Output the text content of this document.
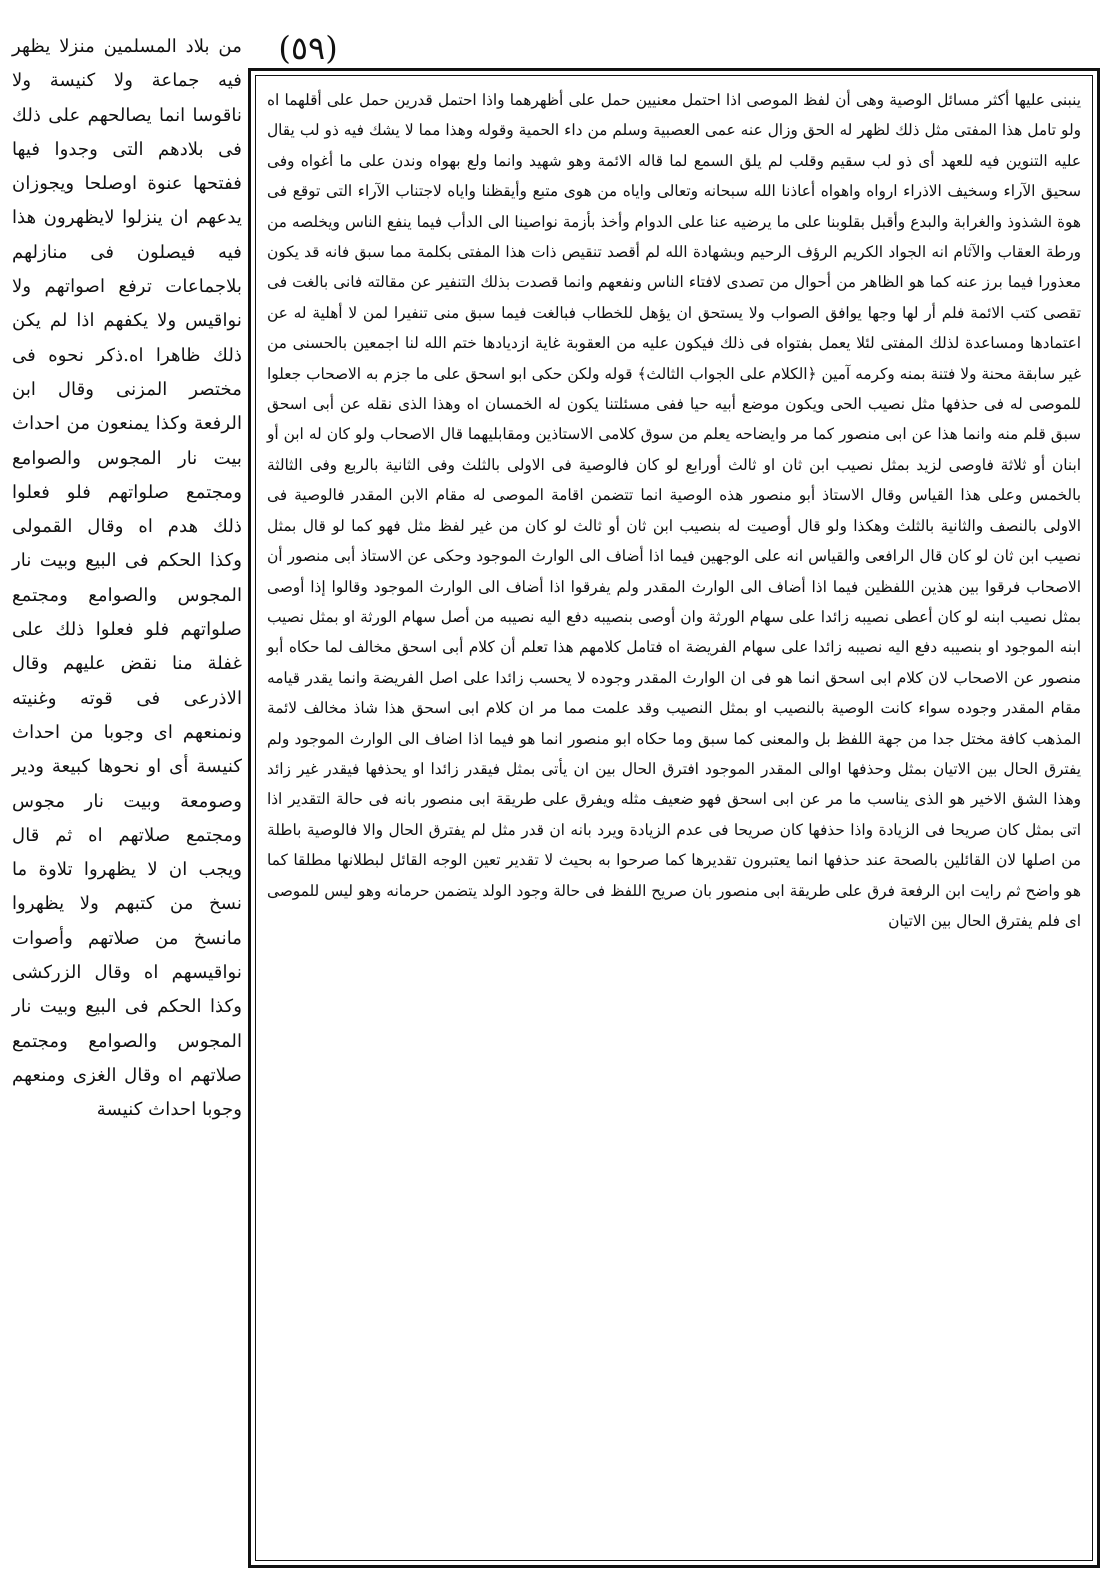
(٥٩)

من بلاد المسلمين منزلا يظهر فيه جماعة ولا كنيسة ولا ناقوسا انما يصالحهم على ذلك فى بلادهم التى وجدوا فيها ففتحها عنوة اوصلحا ويجوزان يدعهم ان ينزلوا لايظهرون هذا فيه فيصلون فى منازلهم بلاجماعات ترفع اصواتهم ولا نواقيس ولا يكفهم اذا لم يكن ذلك ظاهرا اه.ذكر نحوه فى مختصر المزنى وقال ابن الرفعة وكذا يمنعون من احداث بيت نار المجوس والصوامع ومجتمع صلواتهم فلو فعلوا ذلك هدم اه وقال القمولى وكذا الحكم فى البيع وبيت نار المجوس والصوامع ومجتمع صلواتهم فلو فعلوا ذلك على غفلة منا نقض عليهم وقال الاذرعى فى قوته وغنيته ونمنعهم اى وجوبا من احداث كنيسة أى او نحوها كبيعة ودير وصومعة وبيت نار مجوس ومجتمع صلاتهم اه ثم قال ويجب ان لا يظهروا تلاوة ما نسخ من كتبهم ولا يظهروا مانسخ من صلاتهم وأصوات نواقيسهم اه وقال الزركشى وكذا الحكم فى البيع وبيت نار المجوس والصوامع ومجتمع صلاتهم اه وقال الغزى ومنعهم وجوبا احداث كنيسة

ينبنى عليها أكثر مسائل الوصية وهى أن لفظ الموصى اذا احتمل معنيين حمل على أظهرهما واذا احتمل قدرين حمل على أقلهما اه ولو تامل هذا المفتى مثل ذلك لظهر له الحق وزال عنه عمى العصبية وسلم من داء الحمية وقوله وهذا مما لا يشك فيه ذو لب يقال عليه التنوين فيه للعهد أى ذو لب سقيم وقلب لم يلق السمع لما قاله الائمة وهو شهيد وانما ولع بهواه وندن على ما أغواه وفى سحيق الآراء وسخيف الاذراء ارواه واهواه أعاذنا الله سبحانه وتعالى واياه من هوى متبع وأيقظنا واياه لاجتناب الآراء التى توقع فى هوة الشذوذ والغرابة والبدع وأقبل بقلوبنا على ما يرضيه عنا على الدوام وأخذ بأزمة نواصينا الى الدأب فيما ينفع الناس ويخلصه من ورطة العقاب والآثام انه الجواد الكريم الرؤف الرحيم وبشهادة الله لم أقصد تنقيص ذات هذا المفتى بكلمة مما سبق فانه قد يكون معذورا فيما برز عنه كما هو الظاهر من أحوال من تصدى لافتاء الناس ونفعهم وانما قصدت بذلك التنفير عن مقالته فانى بالغت فى تقصى كتب الائمة فلم أر لها وجها يوافق الصواب ولا يستحق ان يؤهل للخطاب فبالغت فيما سبق منى تنفيرا لمن لا أهلية له عن اعتمادها ومساعدة لذلك المفتى لئلا يعمل بفتواه فى ذلك فيكون عليه من العقوبة غاية ازديادها ختم الله لنا اجمعين بالحسنى من غير سابقة محنة ولا فتنة بمنه وكرمه آمين ﴿الكلام على الجواب الثالث﴾ قوله ولكن حكى ابو اسحق على ما جزم به الاصحاب جعلوا للموصى له فى حذفها مثل نصيب الحى ويكون موضع أبيه حيا ففى مسئلتنا يكون له الخمسان اه وهذا الذى نقله عن أبى اسحق سبق قلم منه وانما هذا عن ابى منصور كما مر وايضاحه يعلم من سوق كلامى الاستاذين ومقابليهما قال الاصحاب ولو كان له ابن أو ابنان أو ثلاثة فاوصى لزيد بمثل نصيب ابن ثان او ثالث أورابع لو كان فالوصية فى الاولى بالثلث وفى الثانية بالربع وفى الثالثة بالخمس وعلى هذا القياس وقال الاستاذ أبو منصور هذه الوصية انما تتضمن اقامة الموصى له مقام الابن المقدر فالوصية فى الاولى بالنصف والثانية بالثلث وهكذا ولو قال أوصيت له بنصيب ابن ثان أو ثالث لو كان من غير لفظ مثل فهو كما لو قال بمثل نصيب ابن ثان لو كان قال الرافعى والقياس انه على الوجهين فيما اذا أضاف الى الوارث الموجود وحكى عن الاستاذ أبى منصور أن الاصحاب فرقوا بين هذين اللفظين فيما اذا أضاف الى الوارث المقدر ولم يفرقوا اذا أضاف الى الوارث الموجود وقالوا إذا أوصى بمثل نصيب ابنه لو كان أعطى نصيبه زائدا على سهام الورثة وان أوصى بنصيبه دفع اليه نصيبه من أصل سهام الورثة او بمثل نصيب ابنه الموجود او بنصيبه دفع اليه نصيبه زائدا على سهام الفريضة اه فتامل كلامهم هذا تعلم أن كلام أبى اسحق مخالف لما حكاه أبو منصور عن الاصحاب لان كلام ابى اسحق انما هو فى ان الوارث المقدر وجوده لا يحسب زائدا على اصل الفريضة وانما يقدر قيامه مقام المقدر وجوده سواء كانت الوصية بالنصيب او بمثل النصيب وقد علمت مما مر ان كلام ابى اسحق هذا شاذ مخالف لائمة المذهب كافة مختل جدا من جهة اللفظ بل والمعنى كما سبق وما حكاه ابو منصور انما هو فيما اذا اضاف الى الوارث الموجود ولم يفترق الحال بين الاتيان بمثل وحذفها اوالى المقدر الموجود افترق الحال بين ان يأتى بمثل فيقدر زائدا او يحذفها فيقدر غير زائد وهذا الشق الاخير هو الذى يناسب ما مر عن ابى اسحق فهو ضعيف مثله ويفرق على طريقة ابى منصور بانه فى حالة التقدير اذا اتى بمثل كان صريحا فى الزيادة واذا حذفها كان صريحا فى عدم الزيادة ويرد بانه ان قدر مثل لم يفترق الحال والا فالوصية باطلة من اصلها لان القائلين بالصحة عند حذفها انما يعتبرون تقديرها كما صرحوا به بحيث لا تقدير تعين الوجه القائل لبطلانها مطلقا كما هو واضح ثم رايت ابن الرفعة فرق على طريقة ابى منصور بان صريح اللفظ فى حالة وجود الولد يتضمن حرمانه وهو ليس للموصى اى فلم يفترق الحال بين الاتيان
